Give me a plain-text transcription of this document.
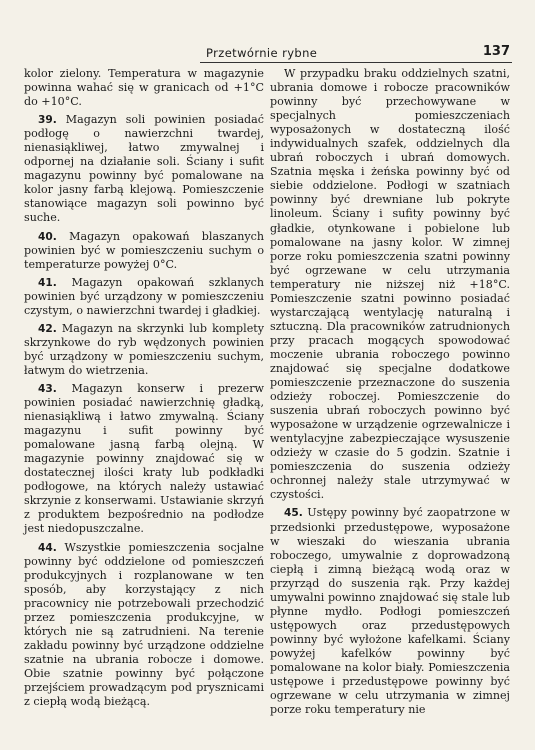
Przetwórnie rybne	137

kolor zielony. Temperatura w magazynie powinna wahać się w granicach od +1°C do +10°C.

39. Magazyn soli powinien posiadać podłogę o nawierzchni twardej, nienasiąkliwej, łatwo zmywalnej i odpornej na działanie soli. Ściany i sufit magazynu powinny być pomalowane na kolor jasny farbą klejową. Pomieszczenie stanowiące magazyn soli powinno być suche.

40. Magazyn opakowań blaszanych powinien być w pomieszczeniu suchym o temperaturze powyżej 0°C.

41. Magazyn opakowań szklanych powinien być urządzony w pomieszczeniu czystym, o nawierzchni twardej i gładkiej.

42. Magazyn na skrzynki lub komplety skrzynkowe do ryb wędzonych powinien być urządzony w pomieszczeniu suchym, łatwym do wietrzenia.

43. Magazyn konserw i prezerw powinien posiadać nawierzchnię gładką, nienasiąkliwą i łatwo zmywalną. Ściany magazynu i sufit powinny być pomalowane jasną farbą olejną. W magazynie powinny znajdować się w dostatecznej ilości kraty lub podkładki podłogowe, na których należy ustawiać skrzynie z konserwami. Ustawianie skrzyń z produktem bezpośrednio na podłodze jest niedopuszczalne.

44. Wszystkie pomieszczenia socjalne powinny być oddzielone od pomieszczeń produkcyjnych i rozplanowane w ten sposób, aby korzystający z nich pracownicy nie potrzebowali przechodzić przez pomieszczenia produkcyjne, w których nie są zatrudnieni. Na terenie zakładu powinny być urządzone oddzielne szatnie na ubrania robocze i domowe. Obie szatnie powinny być połączone przejściem prowadzącym pod prysznicami z ciepłą wodą bieżącą.

W przypadku braku oddzielnych szatni, ubrania domowe i robocze pracowników powinny być przechowywane w specjalnych pomieszczeniach wyposażonych w dostateczną ilość indywidualnych szafek, oddzielnych dla ubrań roboczych i ubrań domowych. Szatnia męska i żeńska powinny być od siebie oddzielone. Podłogi w szatniach powinny być drewniane lub pokryte linoleum. Ściany i sufity powinny być gładkie, otynkowane i pobielone lub pomalowane na jasny kolor. W zimnej porze roku pomieszczenia szatni powinny być ogrzewane w celu utrzymania temperatury nie niższej niż +18°C. Pomieszczenie szatni powinno posiadać wystarczającą wentylację naturalną i sztuczną. Dla pracowników zatrudnionych przy pracach mogących spowodować moczenie ubrania roboczego powinno znajdować się specjalne dodatkowe pomieszczenie przeznaczone do suszenia odzieży roboczej. Pomieszczenie do suszenia ubrań roboczych powinno być wyposażone w urządzenie ogrzewalnicze i wentylacyjne zabezpieczające wysuszenie odzieży w czasie do 5 godzin. Szatnie i pomieszczenia do suszenia odzieży ochronnej należy stale utrzymywać w czystości.

45. Ustępy powinny być zaopatrzone w przedsionki przedustępowe, wyposażone w wieszaki do wieszania ubrania roboczego, umywalnie z doprowadzoną ciepłą i zimną bieżącą wodą oraz w przyrząd do suszenia rąk. Przy każdej umywalni powinno znajdować się stale lub płynne mydło. Podłogi pomieszczeń ustępowych oraz przedustępowych powinny być wyłożone kafelkami. Ściany powyżej kafelków powinny być pomalowane na kolor biały. Pomieszczenia ustępowe i przedustępowe powinny być ogrzewane w celu utrzymania w zimnej porze roku temperatury nie
